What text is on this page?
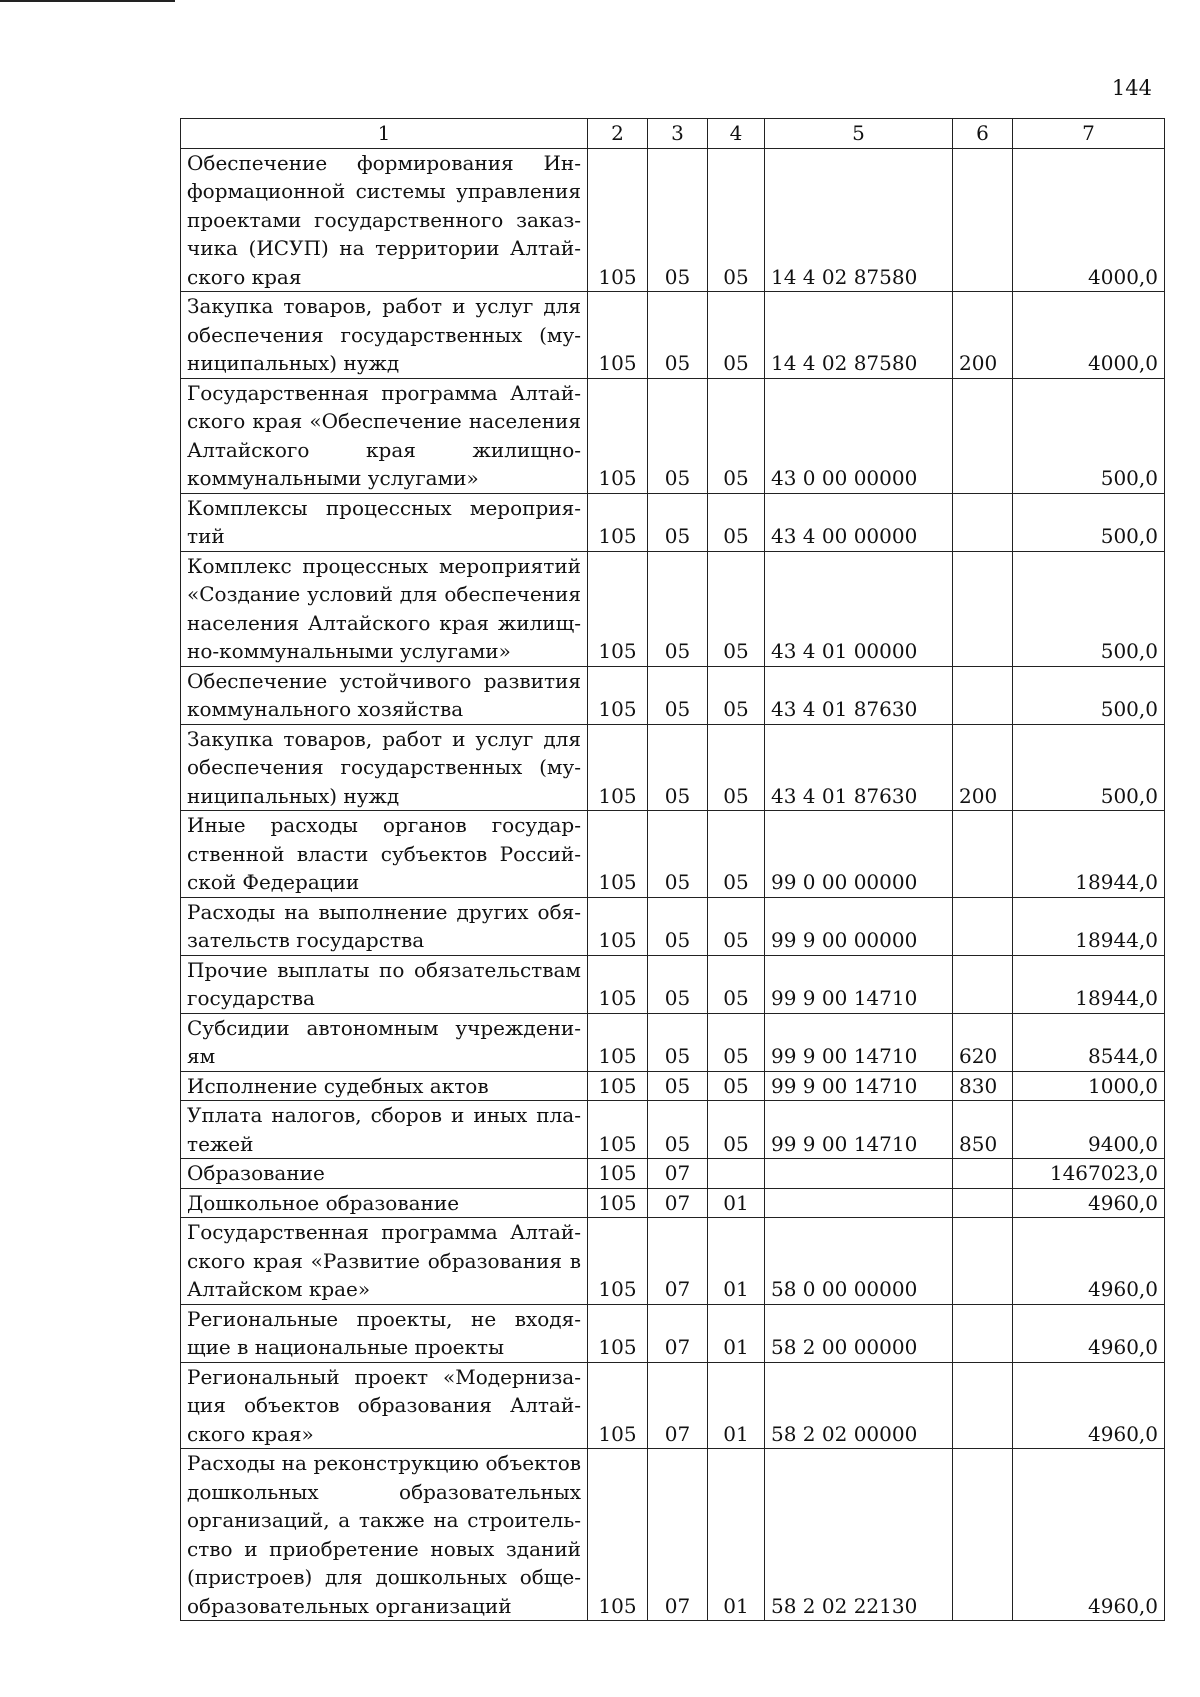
144
1	2	3	4	5	6	7
Обеспечение формирования Информационной системы управления проектами государственного заказчика (ИСУП) на территории Алтайского края	105	05	05	14 4 02 87580		4000,0
Закупка товаров, работ и услуг для обеспечения государственных (муниципальных) нужд	105	05	05	14 4 02 87580	200	4000,0
Государственная программа Алтайского края «Обеспечение населения Алтайского края жилищно-коммунальными услугами»	105	05	05	43 0 00 00000		500,0
Комплексы процессных мероприятий	105	05	05	43 4 00 00000		500,0
Комплекс процессных мероприятий «Создание условий для обеспечения населения Алтайского края жилищно-коммунальными услугами»	105	05	05	43 4 01 00000		500,0
Обеспечение устойчивого развития коммунального хозяйства	105	05	05	43 4 01 87630		500,0
Закупка товаров, работ и услуг для обеспечения государственных (муниципальных) нужд	105	05	05	43 4 01 87630	200	500,0
Иные расходы органов государственной власти субъектов Российской Федерации	105	05	05	99 0 00 00000		18944,0
Расходы на выполнение других обязательств государства	105	05	05	99 9 00 00000		18944,0
Прочие выплаты по обязательствам государства	105	05	05	99 9 00 14710		18944,0
Субсидии автономным учреждениям	105	05	05	99 9 00 14710	620	8544,0
Исполнение судебных актов	105	05	05	99 9 00 14710	830	1000,0
Уплата налогов, сборов и иных платежей	105	05	05	99 9 00 14710	850	9400,0
Образование	105	07				1467023,0
Дошкольное образование	105	07	01			4960,0
Государственная программа Алтайского края «Развитие образования в Алтайском крае»	105	07	01	58 0 00 00000		4960,0
Региональные проекты, не входящие в национальные проекты	105	07	01	58 2 00 00000		4960,0
Региональный проект «Модернизация объектов образования Алтайского края»	105	07	01	58 2 02 00000		4960,0
Расходы на реконструкцию объектов дошкольных образовательных организаций, а также на строительство и приобретение новых зданий (пристроев) для дошкольных общеобразовательных организаций	105	07	01	58 2 02 22130		4960,0
